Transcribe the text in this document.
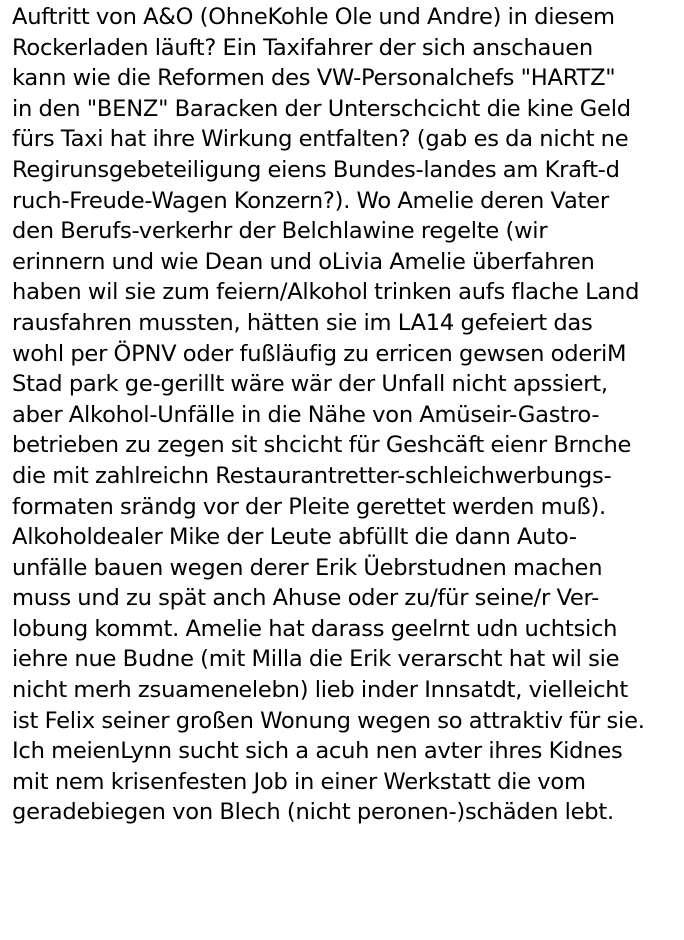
Auftritt von A&O (OhneKohle Ole und Andre) in diesem
Rockerladen läuft? Ein Taxifahrer der sich anschauen
kann wie die Reformen des VW-Personalchefs "HARTZ"
in den "BENZ" Baracken der Unterschcicht die kine Geld
fürs Taxi hat ihre Wirkung entfalten? (gab es da nicht ne
Regirunsgebeteiligung eiens Bundes-landes am Kraft-d
ruch-Freude-Wagen Konzern?). Wo Amelie deren Vater
den Berufs-verkerhr der Belchlawine regelte (wir
erinnern und wie Dean und oLivia Amelie überfahren
haben wil sie zum feiern/Alkohol trinken aufs flache Land
rausfahren mussten, hätten sie im LA14 gefeiert das
wohl per ÖPNV oder fußläufig zu erricen gewsen oderiM
Stad park ge-gerillt wäre wär der Unfall nicht apssiert,
aber Alkohol-Unfälle in die Nähe von Amüseir-Gastro-
betrieben zu zegen sit shcicht für Geshcäft eienr Brnche
die mit zahlreichn Restaurantretter-schleichwerbungs-
formaten srändg vor der Pleite gerettet werden muß).
Alkoholdealer Mike der Leute abfüllt die dann Auto-
unfälle bauen wegen derer Erik Üebrstudnen machen
muss und zu spät anch Ahuse oder zu/für seine/r Ver-
lobung kommt. Amelie hat darass geelrnt udn uchtsich
iehre nue Budne (mit Milla die Erik verarscht hat wil sie
nicht merh zsuamenelebn) lieb inder Innsatdt, vielleicht
ist Felix seiner großen Wonung wegen so attraktiv für sie.
Ich meienLynn sucht sich a acuh nen avter ihres Kidnes
mit nem krisenfesten Job in einer Werkstatt die vom
geradebiegen von Blech (nicht peronen-)schäden lebt.
